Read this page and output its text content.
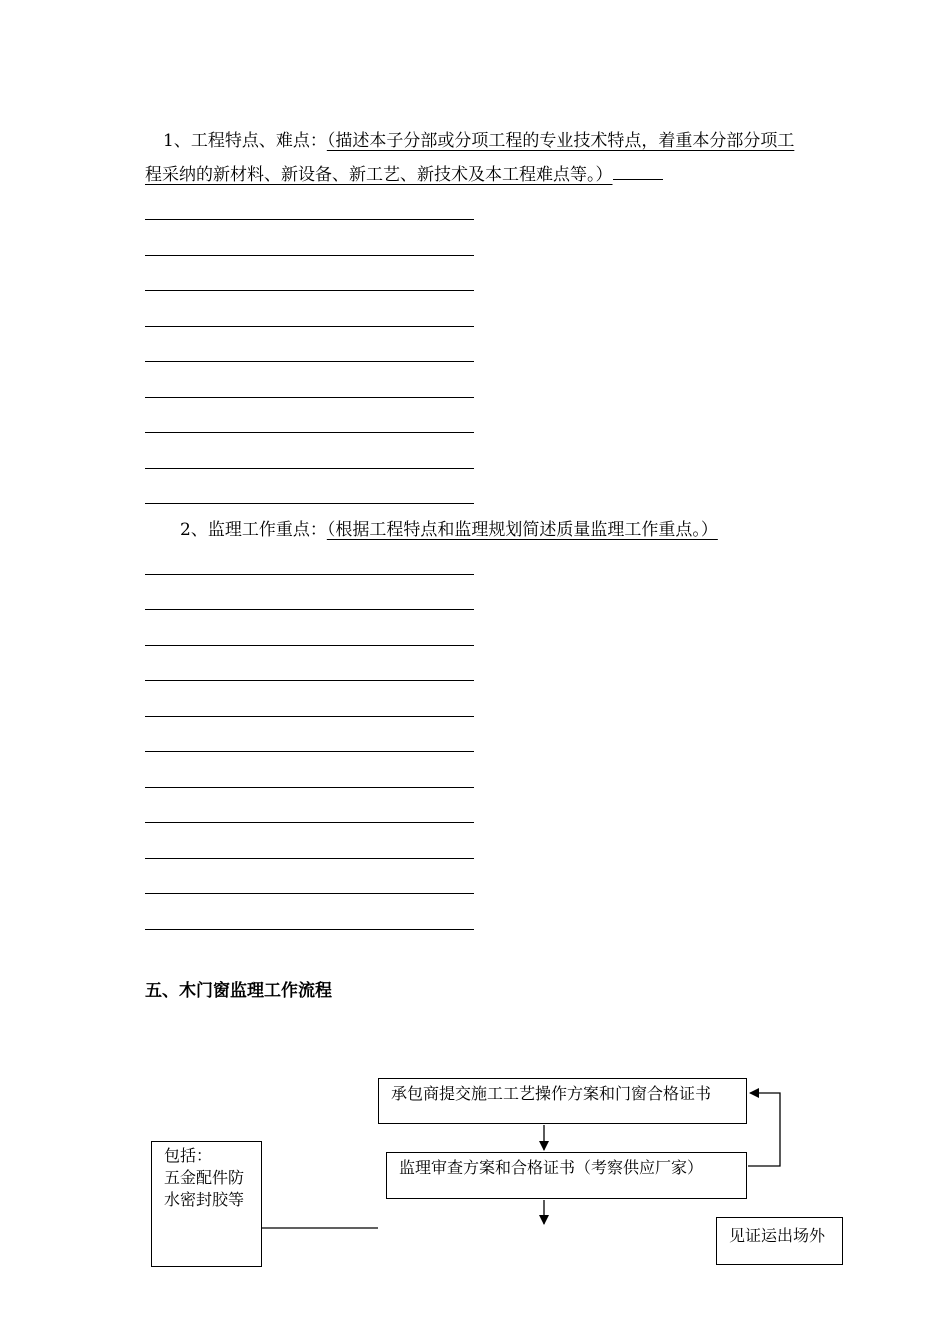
1、工程特点、难点：（描述本子分部或分项工程的专业技术特点，着重本分部分项工程采纳的新材料、新设备、新工艺、新技术及本工程难点等。）

2、监理工作重点：（根据工程特点和监理规划简述质量监理工作重点。）

五、木门窗监理工作流程

承包商提交施工工艺操作方案和门窗合格证书
监理审查方案和合格证书（考察供应厂家）
包括：
五金配件防
水密封胶等
见证运出场外
